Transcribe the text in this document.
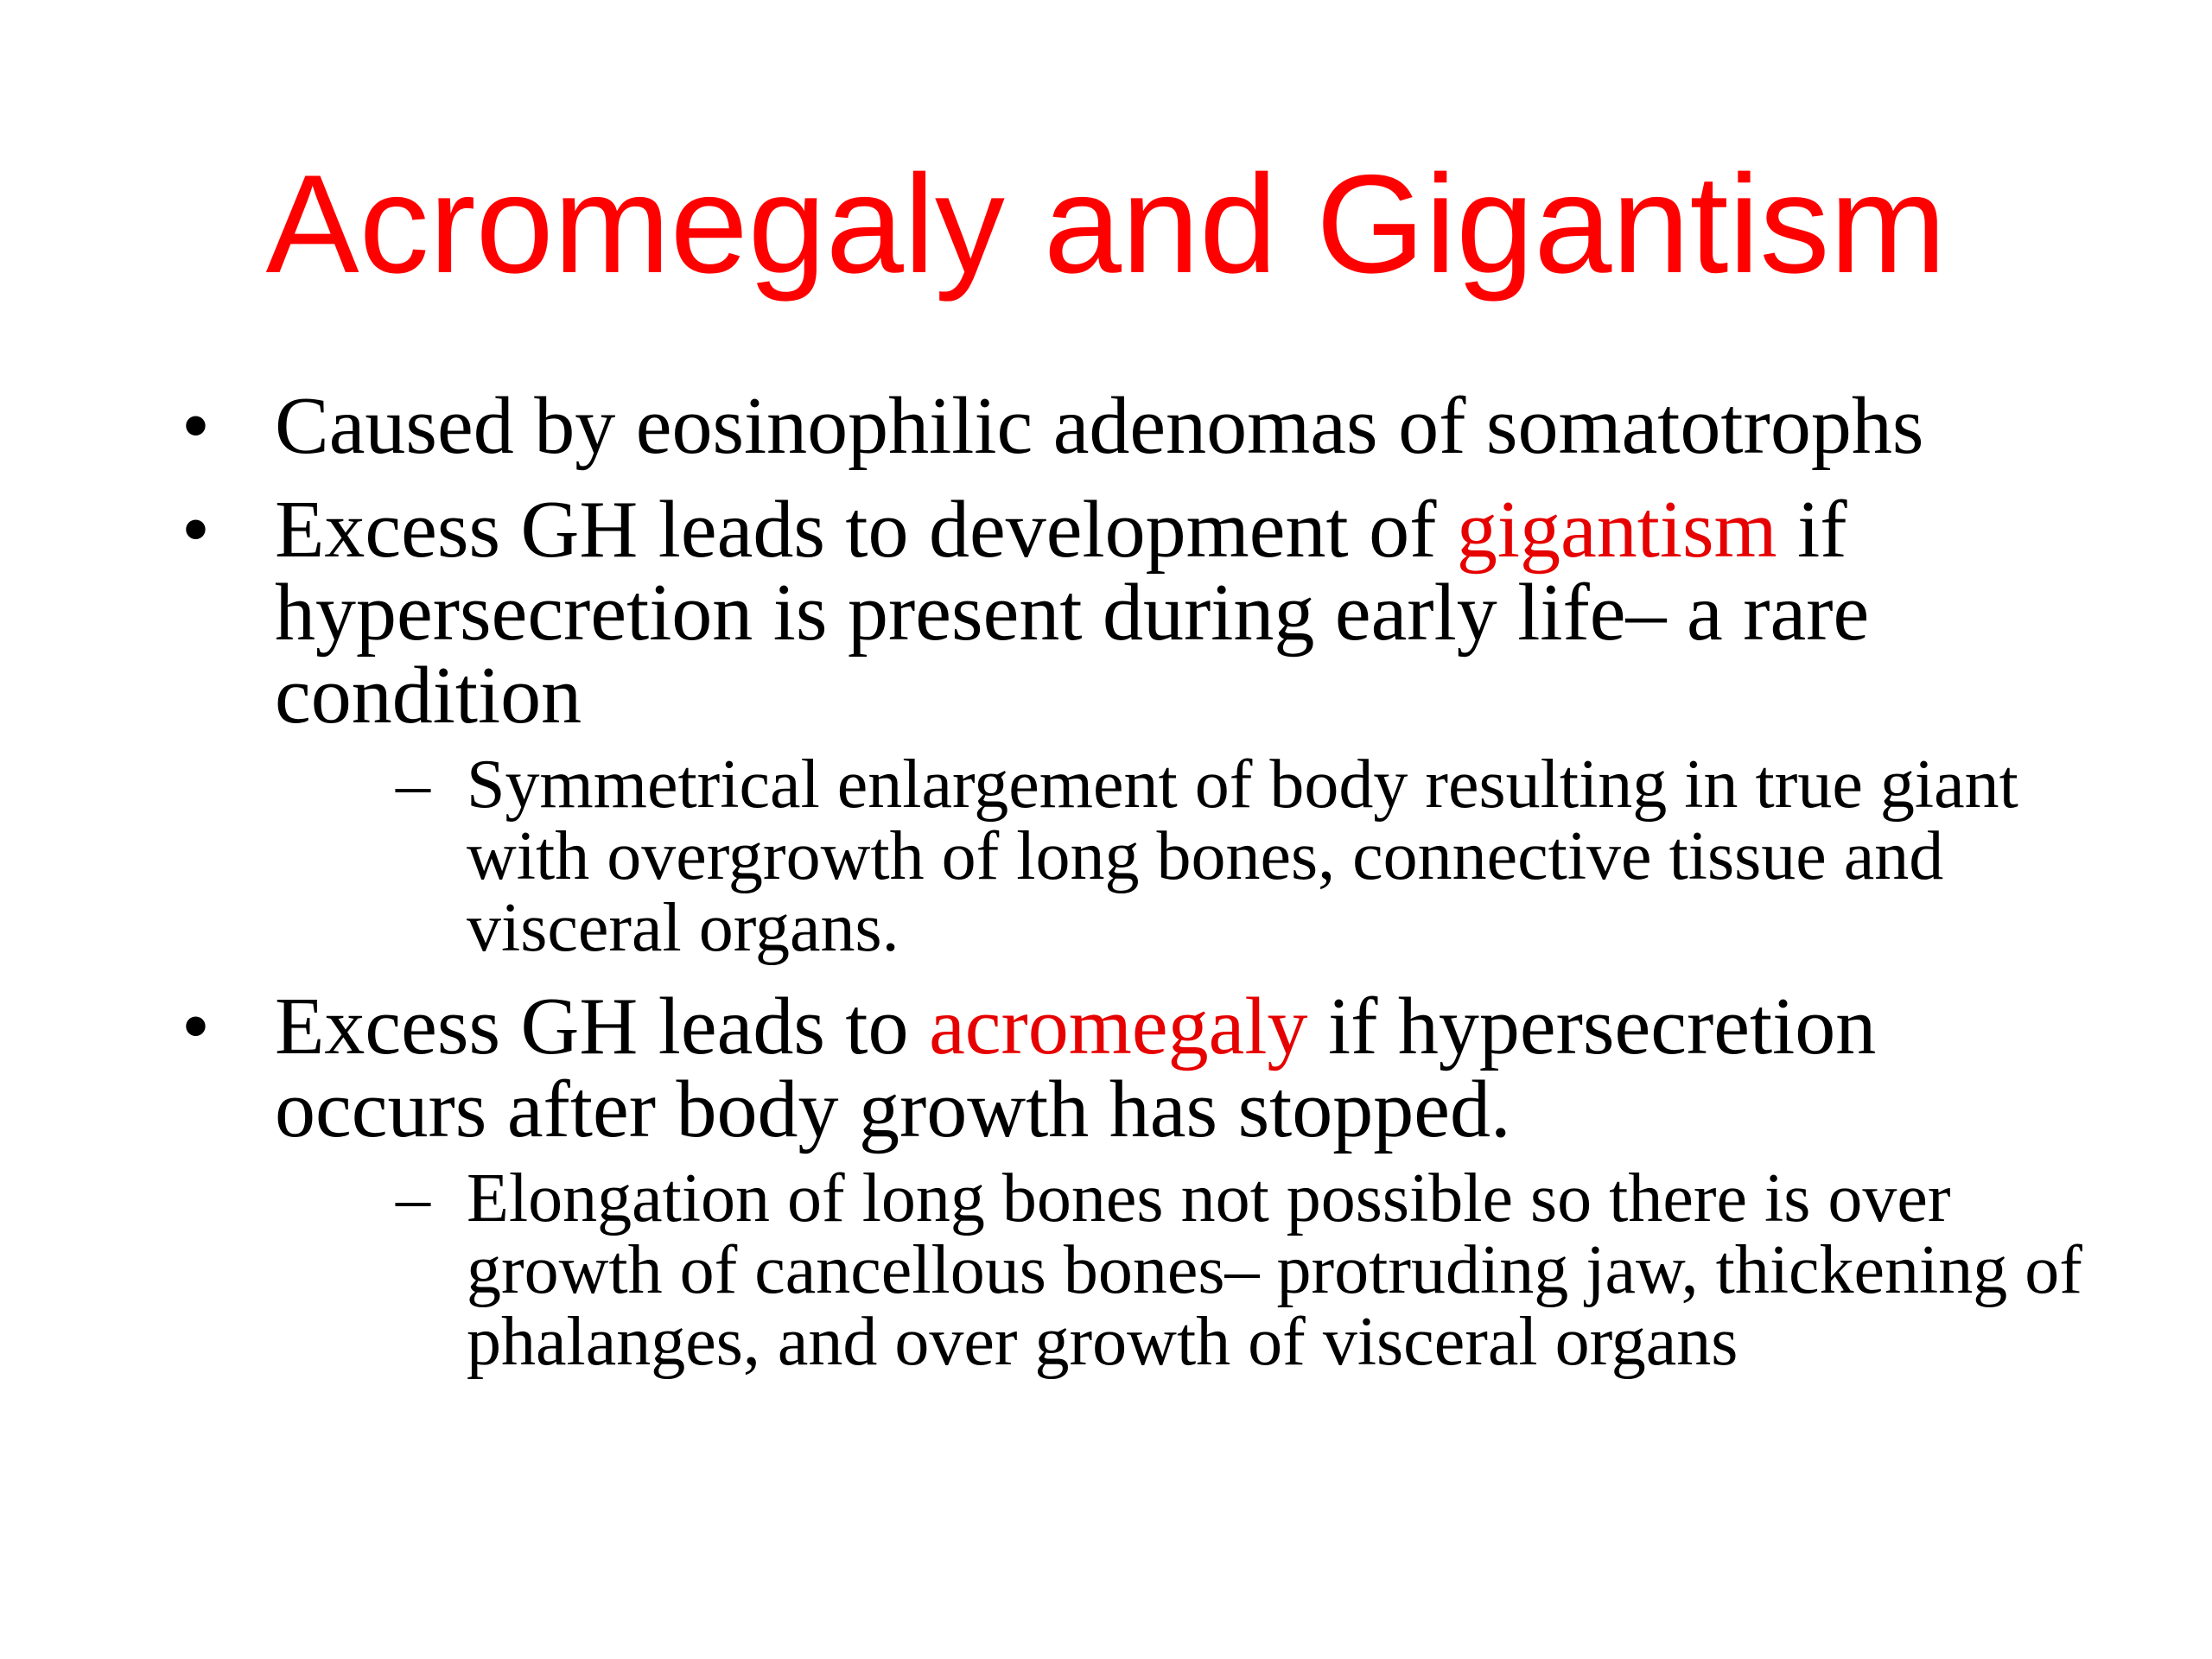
Acromegaly and Gigantism
• Caused by eosinophilic adenomas of somatotrophs
• Excess GH leads to development of gigantism if hypersecretion is present during early life– a rare condition
– Symmetrical enlargement of body resulting in true giant with overgrowth of long bones, connective tissue and visceral organs.
• Excess GH leads to acromegaly if hypersecretion occurs after body growth has stopped.
– Elongation of long bones not possible so there is over growth of cancellous bones– protruding jaw, thickening of phalanges, and over growth of visceral organs
